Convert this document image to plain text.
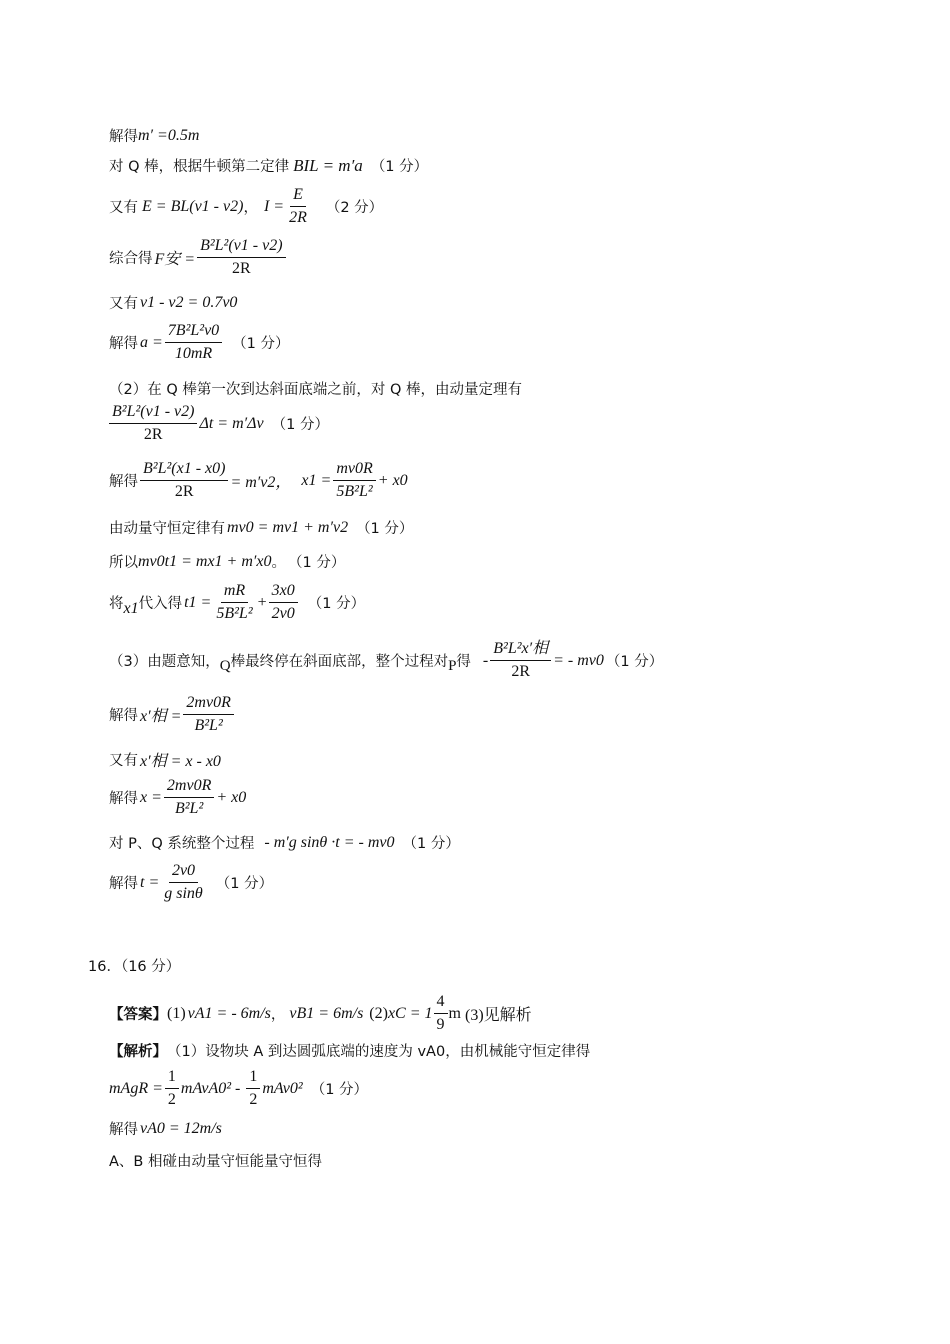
解得 m′ =0.5m
对 Q 棒，根据牛顿第二定律 BIL = m′a （1 分）
又有 E = BL(v1 - v2) ， $I = \frac{E}{2R} (2$ 分）
综合得 F安 = $\frac{\text{B²L²(v1 - v2)}}{2R}$
又有 v1 - v2 = 0.7v0
解得 $a = \frac{\text{7B²L²v0}}{10mR} (1$ 分）
（2）在 Q 棒第一次到达斜面底端之前，对 Q 棒，由动量定理有
$\frac{\text{B²L²(v1 - v2)}}{2R}$ Δt = m′Δv （1 分）
解得 $\frac{\text{B²L²(x1 - x0)}}{2R} = m'v2$， $x1 = \frac{mv0R}{\text{5B²L²}} + x0$
由动量守恒定律有 mv0 = mv1 + m′v2 （1 分）
所以 mv0t1 = mx1 + m′x0 。 （1 分）
将 x1 代入得 $t1 = \frac{mR}{\text{5B²L²}} + \frac{3x0}{2v0} (1$ 分）
（3）由题意知， Q 棒最终停在斜面底部，整个过程对 P 得 - $\frac{\text{B²L²x′相}}{2R}$ = - mv0 （1 分）
解得 x′相 = $\frac{2mv0R}{\text{B²L²}}$
又有 x′相 = x - x0
解得 $x = \frac{2mv0R}{\text{B²L²}} + x0$
对 P、Q 系统整个过程 - m′g sinθ ·t = - mv0 （1 分）
解得 $t = \frac{2v0}{\text{g sinθ}} (1$ 分）
16．（16 分）
【答案】 (1) vA1 = - 6m/s ， vB1 = 6m/s (2) xC = $1 \frac{4}{9}$ m (3)见解析
【解析】 （1）设物块 A 到达圆弧底端的速度为 vA0，由机械能守恒定律得
mAgR = $\frac{1}{2}$ mAvA0² - $\frac{1}{2} mAv0^2$ （1 分）
解得 vA0 = 12m/s
A、B 相碰由动量守恒能量守恒得
